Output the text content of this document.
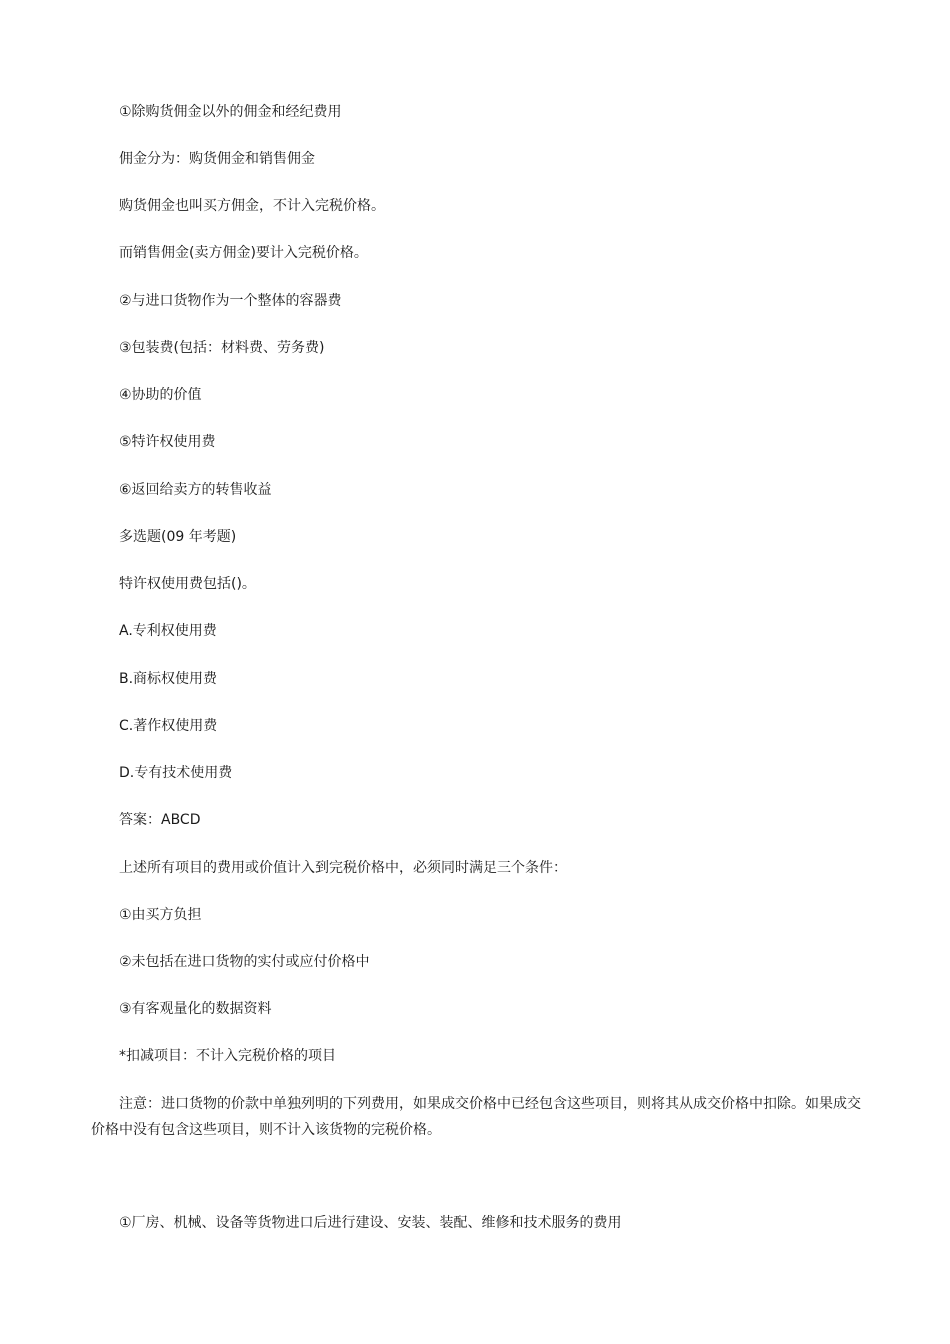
①除购货佣金以外的佣金和经纪费用
佣金分为：购货佣金和销售佣金
购货佣金也叫买方佣金，不计入完税价格。
而销售佣金(卖方佣金)要计入完税价格。
②与进口货物作为一个整体的容器费
③包装费(包括：材料费、劳务费)
④协助的价值
⑤特许权使用费
⑥返回给卖方的转售收益
多选题(09 年考题)
特许权使用费包括()。
A.专利权使用费
B.商标权使用费
C.著作权使用费
D.专有技术使用费
答案：ABCD
上述所有项目的费用或价值计入到完税价格中，必须同时满足三个条件：
①由买方负担
②未包括在进口货物的实付或应付价格中
③有客观量化的数据资料
*扣减项目：不计入完税价格的项目
注意：进口货物的价款中单独列明的下列费用，如果成交价格中已经包含这些项目，则将其从成交价格中扣除。如果成交价格中没有包含这些项目，则不计入该货物的完税价格。
①厂房、机械、设备等货物进口后进行建设、安装、装配、维修和技术服务的费用
